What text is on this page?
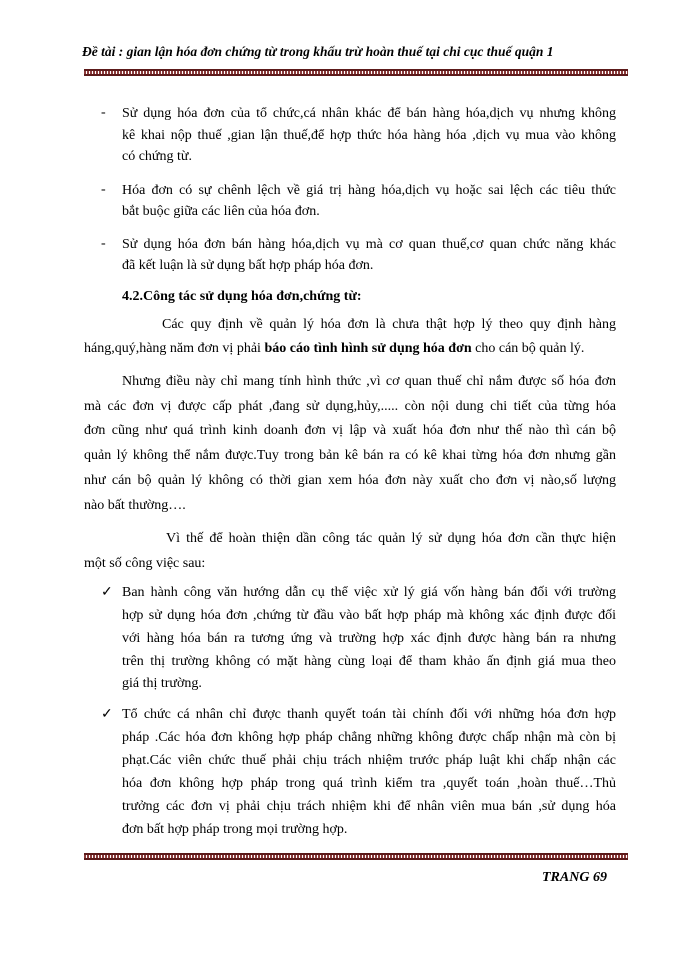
Đề tài : gian lận hóa đơn chứng từ trong khấu trừ hoàn thuế tại chi cục thuế quận 1
- Sử dụng hóa đơn của tổ chức,cá nhân khác để bán hàng hóa,dịch vụ nhưng không
kê khai nộp thuế ,gian lận thuế,để hợp thức hóa hàng hóa ,dịch vụ mua vào không
có chứng từ.
- Hóa đơn có sự chênh lệch về giá trị hàng hóa,dịch vụ hoặc sai lệch các tiêu thức
bắt buộc giữa các liên của hóa đơn.
- Sử dụng hóa đơn bán hàng hóa,dịch vụ mà cơ quan thuế,cơ quan chức năng khác
đã kết luận là sử dụng bất hợp pháp hóa đơn.
4.2.Công tác sử dụng hóa đơn,chứng từ:
Các quy định về quản lý hóa đơn là chưa thật hợp lý theo quy định hàng
háng,quý,hàng năm đơn vị phải báo cáo tình hình sử dụng hóa đơn cho cán bộ quản lý.
Nhưng điều này chỉ mang tính hình thức ,vì cơ quan thuế chỉ nắm được số hóa đơn
mà các đơn vị được cấp phát ,đang sử dụng,hủy,..... còn nội dung chi tiết của từng hóa
đơn cũng như quá trình kinh doanh đơn vị lập và xuất hóa đơn như thế nào thì cán bộ
quản lý không thể nắm được.Tuy trong bản kê bán ra có kê khai từng hóa đơn nhưng gần
như cán bộ quản lý không có thời gian xem hóa đơn này xuất cho đơn vị nào,số lượng
nào bất thường….
Vì thế để hoàn thiện dần công tác quản lý sử dụng hóa đơn cần thực hiện
một số công việc sau:
✓ Ban hành công văn hướng dẫn cụ thể việc xử lý giá vốn hàng bán đối với trường
hợp sử dụng hóa đơn ,chứng từ đầu vào bất hợp pháp mà không xác định được đối
với hàng hóa bán ra tương ứng và trường hợp xác định được hàng bán ra nhưng
trên thị trường không có mặt hàng cùng loại để tham khảo ấn định giá mua theo
giá thị trường.
✓ Tổ chức cá nhân chỉ được thanh quyết toán tài chính đối với những hóa đơn hợp
pháp .Các hóa đơn không hợp pháp chẳng những không được chấp nhận mà còn bị
phạt.Các viên chức thuế phải chịu trách nhiệm trước pháp luật khi chấp nhận các
hóa đơn không hợp pháp trong quá trình kiểm tra ,quyết toán ,hoàn thuế…Thủ
trưởng các đơn vị phải chịu trách nhiệm khi để nhân viên mua bán ,sử dụng hóa
đơn bất hợp pháp trong mọi trường hợp.
TRANG 69
